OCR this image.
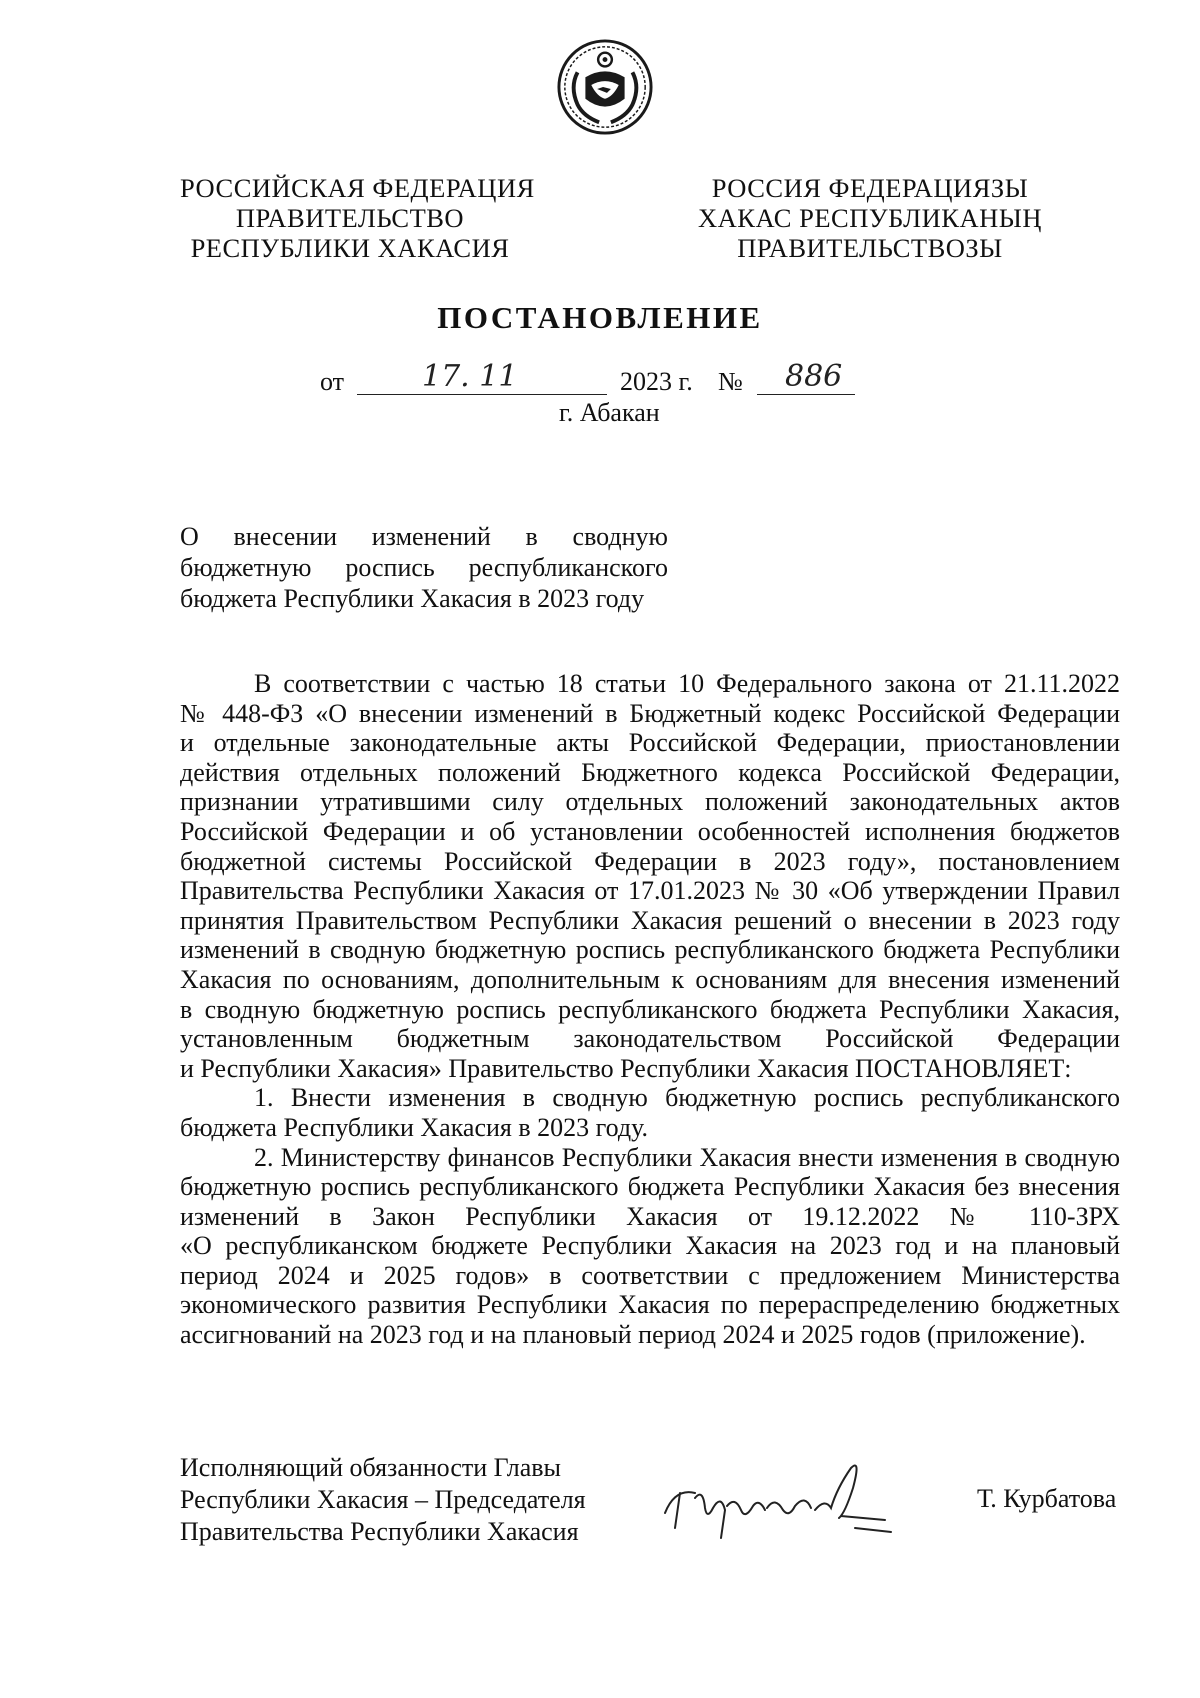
РОССИЙСКАЯ ФЕДЕРАЦИЯ
ПРАВИТЕЛЬСТВО
РЕСПУБЛИКИ ХАКАСИЯ
РОССИЯ ФЕДЕРАЦИЯЗЫ
ХАКАС РЕСПУБЛИКАНЫҢ
ПРАВИТЕЛЬСТВОЗЫ
ПОСТАНОВЛЕНИЕ
от	17. 11	2023 г. № 886
г. Абакан
О внесении изменений в сводную
бюджетную роспись республиканского
бюджета Республики Хакасия в 2023 году
В соответствии с частью 18 статьи 10 Федерального закона от 21.11.2022
№ 448-ФЗ «О внесении изменений в Бюджетный кодекс Российской Федерации
и отдельные законодательные акты Российской Федерации, приостановлении
действия отдельных положений Бюджетного кодекса Российской Федерации,
признании утратившими силу отдельных положений законодательных актов
Российской Федерации и об установлении особенностей исполнения бюджетов
бюджетной системы Российской Федерации в 2023 году», постановлением
Правительства Республики Хакасия от 17.01.2023 № 30 «Об утверждении Правил
принятия Правительством Республики Хакасия решений о внесении в 2023 году
изменений в сводную бюджетную роспись республиканского бюджета Республики
Хакасия по основаниям, дополнительным к основаниям для внесения изменений
в сводную бюджетную роспись республиканского бюджета Республики Хакасия,
установленным бюджетным законодательством Российской Федерации
и Республики Хакасия» Правительство Республики Хакасия ПОСТАНОВЛЯЕТ:
1. Внести изменения в сводную бюджетную роспись республиканского
бюджета Республики Хакасия в 2023 году.
2. Министерству финансов Республики Хакасия внести изменения в сводную
бюджетную роспись республиканского бюджета Республики Хакасия без внесения
изменений в Закон Республики Хакасия от 19.12.2022 № 110-ЗРХ
«О республиканском бюджете Республики Хакасия на 2023 год и на плановый
период 2024 и 2025 годов» в соответствии с предложением Министерства
экономического развития Республики Хакасия по перераспределению бюджетных
ассигнований на 2023 год и на плановый период 2024 и 2025 годов (приложение).
Исполняющий обязанности Главы
Республики Хакасия – Председателя
Правительства Республики Хакасия
Т. Курбатова
